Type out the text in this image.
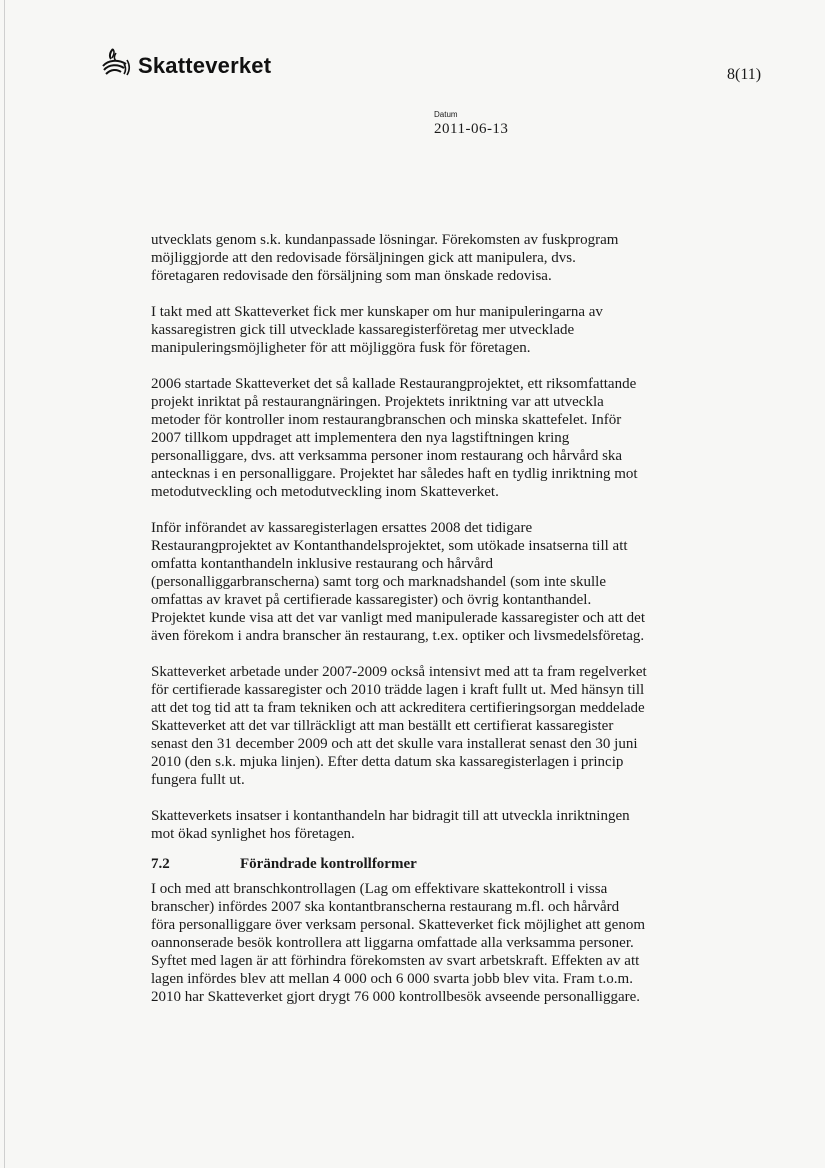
Skatteverket	8(11)
Datum
2011-06-13

utvecklats genom s.k. kundanpassade lösningar. Förekomsten av fuskprogram
möjliggjorde att den redovisade försäljningen gick att manipulera, dvs.
företagaren redovisade den försäljning som man önskade redovisa.

I takt med att Skatteverket fick mer kunskaper om hur manipuleringarna av
kassaregistren gick till utvecklade kassaregisterföretag mer utvecklade
manipuleringsmöjligheter för att möjliggöra fusk för företagen.

2006 startade Skatteverket det så kallade Restaurangprojektet, ett riksomfattande
projekt inriktat på restaurangnäringen. Projektets inriktning var att utveckla
metoder för kontroller inom restaurangbranschen och minska skattefelet. Inför
2007 tillkom uppdraget att implementera den nya lagstiftningen kring
personalliggare, dvs. att verksamma personer inom restaurang och hårvård ska
antecknas i en personalliggare. Projektet har således haft en tydlig inriktning mot
metodutveckling och metodutveckling inom Skatteverket.

Inför införandet av kassaregisterlagen ersattes 2008 det tidigare
Restaurangprojektet av Kontanthandelsprojektet, som utökade insatserna till att
omfatta kontanthandeln inklusive restaurang och hårvård
(personalliggarbranscherna) samt torg och marknadshandel (som inte skulle
omfattas av kravet på certifierade kassaregister) och övrig kontanthandel.
Projektet kunde visa att det var vanligt med manipulerade kassaregister och att det
även förekom i andra branscher än restaurang, t.ex. optiker och livsmedelsföretag.

Skatteverket arbetade under 2007-2009 också intensivt med att ta fram regelverket
för certifierade kassaregister och 2010 trädde lagen i kraft fullt ut. Med hänsyn till
att det tog tid att ta fram tekniken och att ackreditera certifieringsorgan meddelade
Skatteverket att det var tillräckligt att man beställt ett certifierat kassaregister
senast den 31 december 2009 och att det skulle vara installerat senast den 30 juni
2010 (den s.k. mjuka linjen). Efter detta datum ska kassaregisterlagen i princip
fungera fullt ut.

Skatteverkets insatser i kontanthandeln har bidragit till att utveckla inriktningen
mot ökad synlighet hos företagen.

7.2	Förändrade kontrollformer

I och med att branschkontrollagen (Lag om effektivare skattekontroll i vissa
branscher) infördes 2007 ska kontantbranscherna restaurang m.fl. och hårvård
föra personalliggare över verksam personal. Skatteverket fick möjlighet att genom
oannonserade besök kontrollera att liggarna omfattade alla verksamma personer.
Syftet med lagen är att förhindra förekomsten av svart arbetskraft. Effekten av att
lagen infördes blev att mellan 4 000 och 6 000 svarta jobb blev vita. Fram t.o.m.
2010 har Skatteverket gjort drygt 76 000 kontrollbesök avseende personalliggare.
